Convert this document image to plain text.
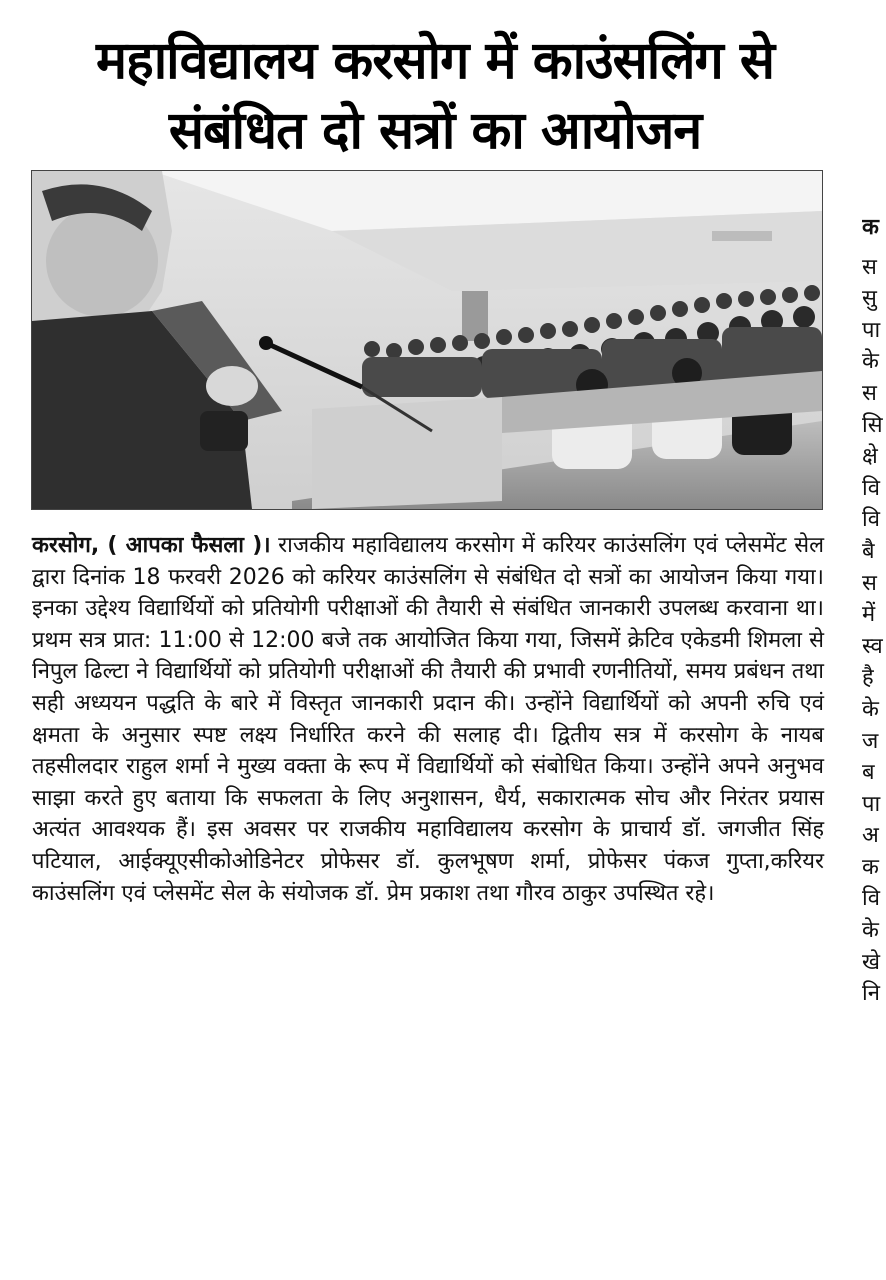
महाविद्यालय करसोग में काउंसलिंग से
संबंधित दो सत्रों का आयोजन
करसोग, ( आपका फैसला )। राजकीय महाविद्यालय करसोग में करियर काउंसलिंग एवं प्लेसमेंट सेल द्वारा दिनांक 18 फरवरी 2026 को करियर काउंसलिंग से संबंधित दो सत्रों का आयोजन किया गया। इनका उद्देश्य विद्यार्थियों को प्रतियोगी परीक्षाओं की तैयारी से संबंधित जानकारी उपलब्ध करवाना था। प्रथम सत्र प्रात: 11:00 से 12:00 बजे तक आयोजित किया गया, जिसमें क्रेटिव एकेडमी शिमला से निपुल ढिल्टा ने विद्यार्थियों को प्रतियोगी परीक्षाओं की तैयारी की प्रभावी रणनीतियों, समय प्रबंधन तथा सही अध्ययन पद्धति के बारे में विस्तृत जानकारी प्रदान की। उन्होंने विद्यार्थियों को अपनी रुचि एवं क्षमता के अनुसार स्पष्ट लक्ष्य निर्धारित करने की सलाह दी। द्वितीय सत्र में करसोग के नायब तहसीलदार राहुल शर्मा ने मुख्य वक्ता के रूप में विद्यार्थियों को संबोधित किया। उन्होंने अपने अनुभव साझा करते हुए बताया कि सफलता के लिए अनुशासन, धैर्य, सकारात्मक सोच और निरंतर प्रयास अत्यंत आवश्यक हैं। इस अवसर पर राजकीय महाविद्यालय करसोग के प्राचार्य डॉ. जगजीत सिंह पटियाल, आईक्यूएसीकोओडिनेटर प्रोफेसर डॉ. कुलभूषण शर्मा, प्रोफेसर पंकज गुप्ता,करियर काउंसलिंग एवं प्लेसमेंट सेल के संयोजक डॉ. प्रेम प्रकाश तथा गौरव ठाकुर उपस्थित रहे।
क
स
सु
पा
के
स
सि
क्षे
वि
वि
बै
स
में
स्व
है
के
ज
ब
पा
अ
क
वि
के
खे
नि
